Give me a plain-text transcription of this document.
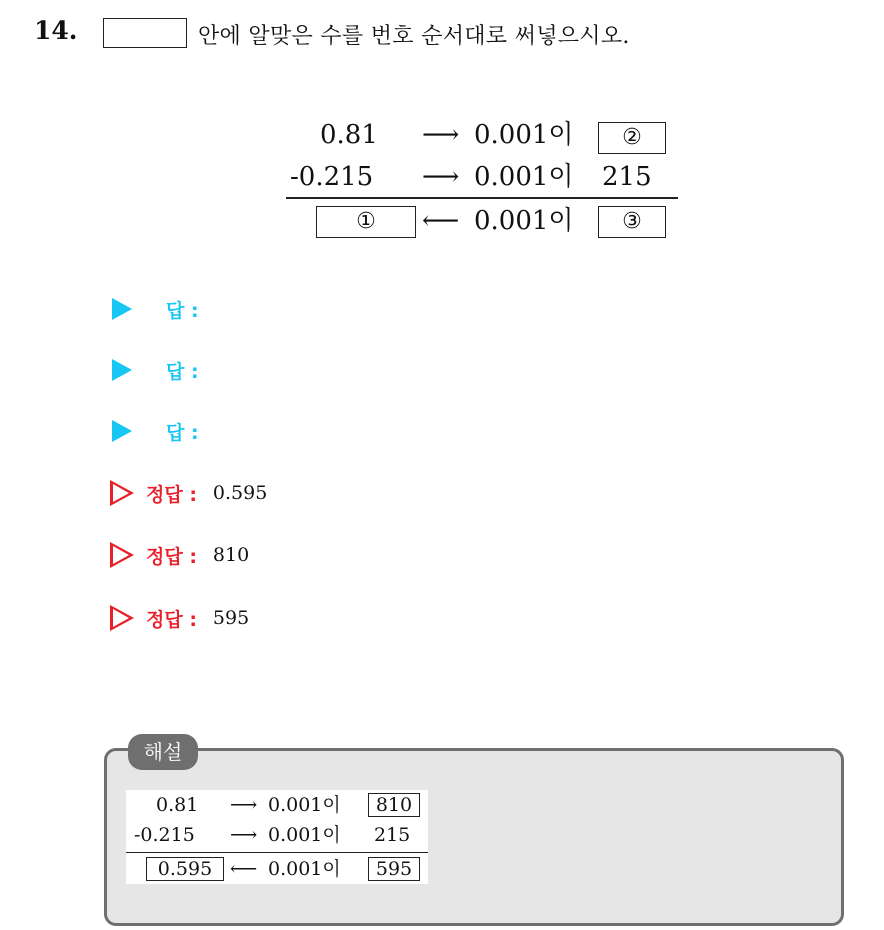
14.	안에 알맞은 수를 번호 순서대로 써넣으시오.
0.81 ⟶ 0.001이	②
-0.215 ⟶ 0.001이 215
①	⟵ 0.001이	③
답 :
답 :
답 :
정답 : 0.595
정답 : 810
정답 : 595
해설
0.81 ⟶ 0.001이	810
-0.215 ⟶ 0.001이 215
0.595 ⟵ 0.001이	595
